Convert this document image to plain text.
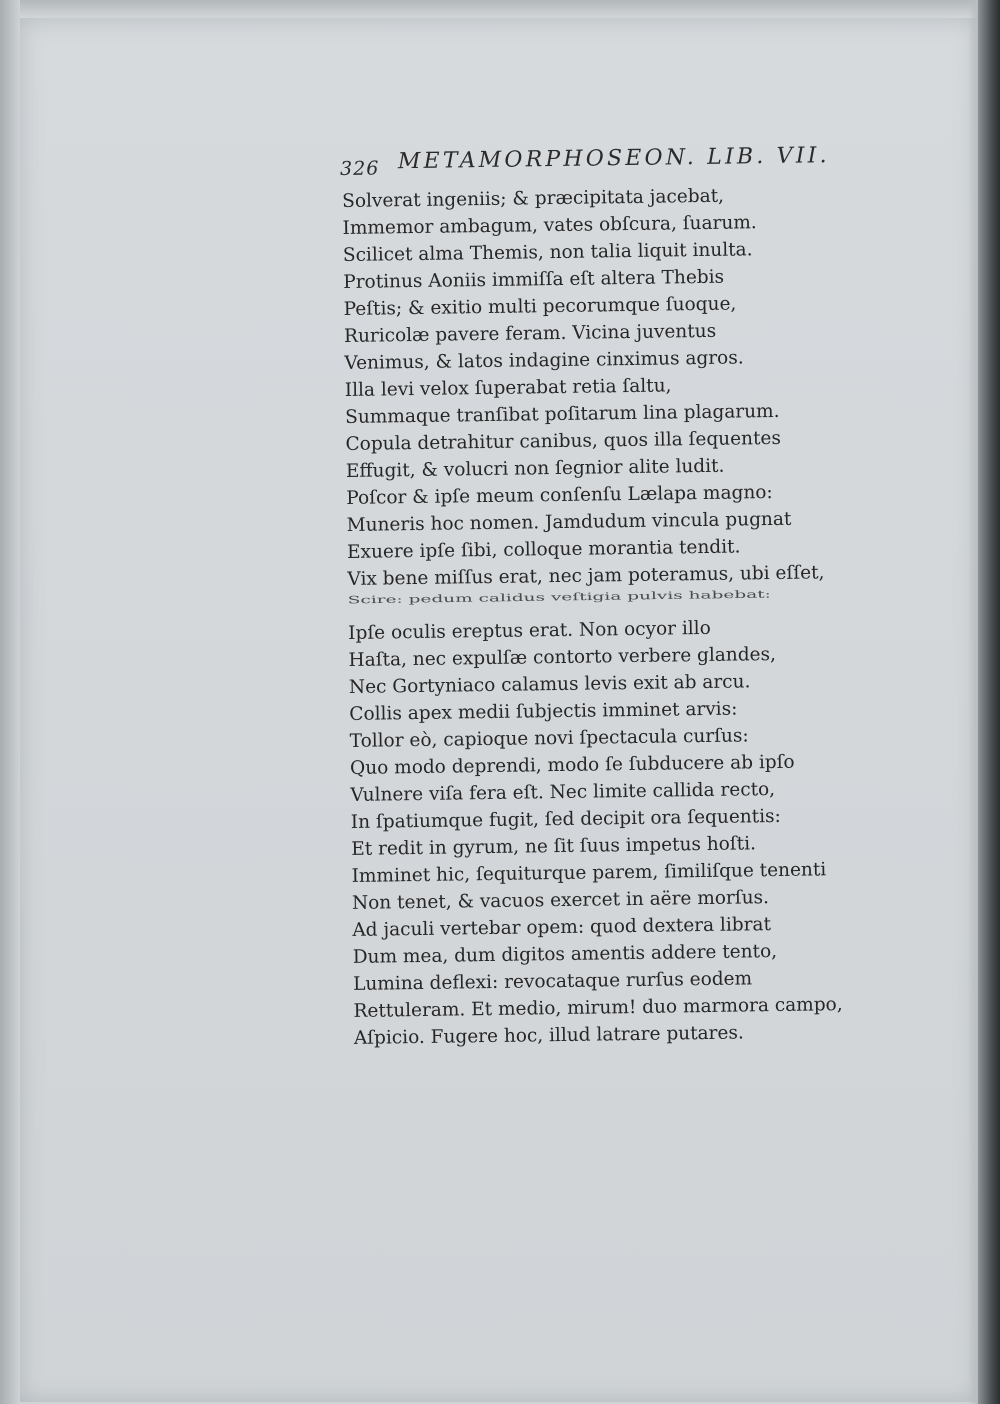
326 METAMORPHOSEON. LIB. VII.
Solverat ingeniis; & præcipitata jacebat,
Immemor ambagum, vates obſcura, ſuarum.
Scilicet alma Themis, non talia liquit inulta.
Protinus Aoniis immiſſa eſt altera Thebis
Peſtis; & exitio multi pecorumque ſuoque,
Ruricolæ pavere feram. Vicina juventus
Venimus, & latos indagine cinximus agros.
Illa levi velox ſuperabat retia ſaltu,
Summaque tranſibat poſitarum lina plagarum.
Copula detrahitur canibus, quos illa ſequentes
Effugit, & volucri non ſegnior alite ludit.
Poſcor & ipſe meum conſenſu Lælapa magno:
Muneris hoc nomen. Jamdudum vincula pugnat
Exuere ipſe ſibi, colloque morantia tendit.
Vix bene miſſus erat, nec jam poteramus, ubi eſſet,
Scire: pedum calidus veſtigia pulvis habebat:
Ipſe oculis ereptus erat. Non ocyor illo
Haſta, nec expulſæ contorto verbere glandes,
Nec Gortyniaco calamus levis exit ab arcu.
Collis apex medii ſubjectis imminet arvis:
Tollor eò, capioque novi ſpectacula curſus:
Quo modo deprendi, modo ſe ſubducere ab ipſo
Vulnere viſa fera eſt. Nec limite callida recto,
In ſpatiumque fugit, ſed decipit ora ſequentis:
Et redit in gyrum, ne ſit ſuus impetus hoſti.
Imminet hic, ſequiturque parem, ſimiliſque tenenti
Non tenet, & vacuos exercet in aëre morſus.
Ad jaculi vertebar opem: quod dextera librat
Dum mea, dum digitos amentis addere tento,
Lumina deflexi: revocataque rurſus eodem
Rettuleram. Et medio, mirum! duo marmora campo,
Aſpicio. Fugere hoc, illud latrare putares.
